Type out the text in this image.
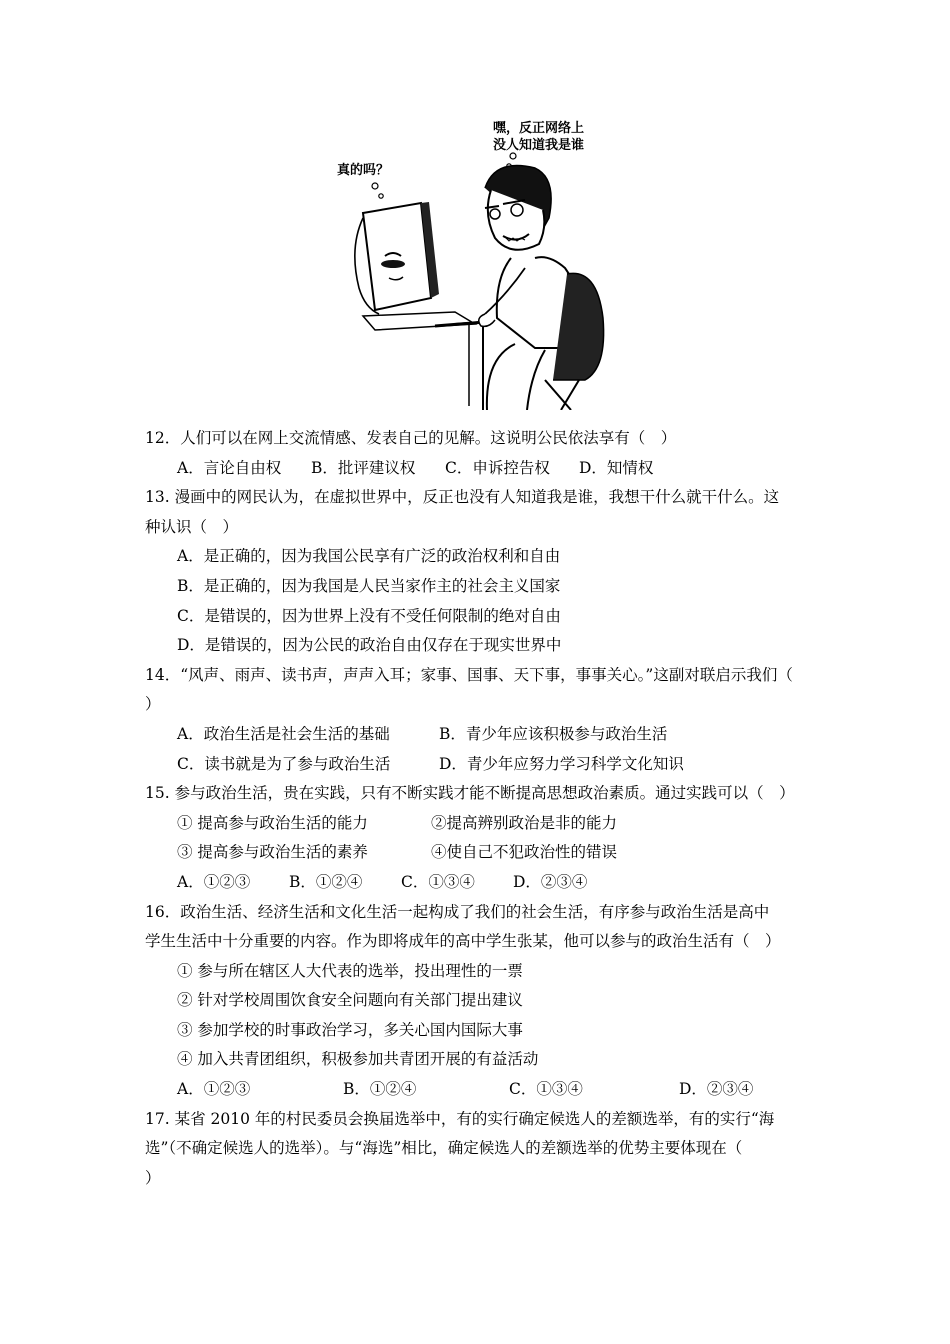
真的吗？
嘿，反正网络上
没人知道我是谁
12．人们可以在网上交流情感、发表自己的见解。这说明公民依法享有（　）
A．言论自由权 B．批评建议权 C．申诉控告权 D．知情权
13. 漫画中的网民认为，在虚拟世界中，反正也没有人知道我是谁，我想干什么就干什么。这
种认识（　）
A．是正确的，因为我国公民享有广泛的政治权利和自由
B．是正确的，因为我国是人民当家作主的社会主义国家
C．是错误的，因为世界上没有不受任何限制的绝对自由
D．是错误的，因为公民的政治自由仅存在于现实世界中
14．“风声、雨声、读书声，声声入耳；家事、国事、天下事，事事关心。”这副对联启示我们（
）
A．政治生活是社会生活的基础	B．青少年应该积极参与政治生活
C．读书就是为了参与政治生活	D．青少年应努力学习科学文化知识
15. 参与政治生活，贵在实践，只有不断实践才能不断提高思想政治素质。通过实践可以（　）
① 提高参与政治生活的能力	②提高辨别政治是非的能力
③ 提高参与政治生活的素养	④使自己不犯政治性的错误
A．①②③	B．①②④ C．①③④ D．②③④
16．政治生活、经济生活和文化生活一起构成了我们的社会生活，有序参与政治生活是高中
学生生活中十分重要的内容。作为即将成年的高中学生张某，他可以参与的政治生活有（　）
① 参与所在辖区人大代表的选举，投出理性的一票
② 针对学校周围饮食安全问题向有关部门提出建议
③ 参加学校的时事政治学习，多关心国内国际大事
④ 加入共青团组织，积极参加共青团开展的有益活动
A．①②③	B．①②④	C．①③④	D．②③④
17. 某省 2010 年的村民委员会换届选举中，有的实行确定候选人的差额选举，有的实行“海
选”（不确定候选人的选举）。与“海选”相比，确定候选人的差额选举的优势主要体现在（
）
